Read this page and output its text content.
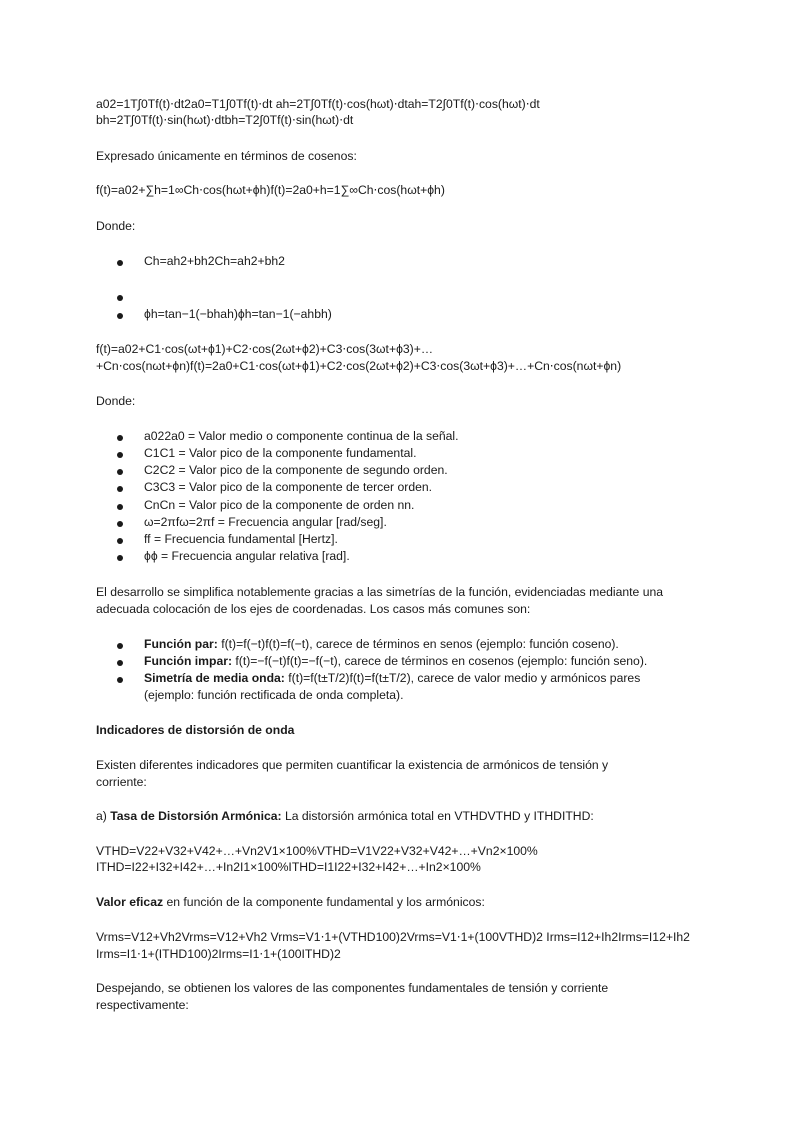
a02=1T∫0Tf(t)⋅dt2a0=T1∫0Tf(t)⋅dt ah=2T∫0Tf(t)⋅cos⁡(hωt)⋅dtah=T2∫0Tf(t)⋅cos(hωt)⋅dt
bh=2T∫0Tf(t)⋅sin⁡(hωt)⋅dtbh=T2∫0Tf(t)⋅sin(hωt)⋅dt
Expresado únicamente en términos de cosenos:
f(t)=a02+∑h=1∞Ch⋅cos⁡(hωt+ϕh)f(t)=2a0+h=1∑∞Ch⋅cos(hωt+ϕh)
Donde:
Ch=ah2+bh2Ch=ah2+bh2
ϕh=tan⁡−1(−bhah)ϕh=tan−1(−ahbh)
f(t)=a02+C1⋅cos⁡(ωt+ϕ1)+C2⋅cos⁡(2ωt+ϕ2)+C3⋅cos⁡(3ωt+ϕ3)+…+Cn⋅cos⁡(nωt+ϕn)f(t)=2a0+C1⋅cos(ωt+ϕ1)+C2⋅cos(2ωt+ϕ2)+C3⋅cos(3ωt+ϕ3)+…+Cn⋅cos(nωt+ϕn)
Donde:
a022a0 = Valor medio o componente continua de la señal.
C1C1 = Valor pico de la componente fundamental.
C2C2 = Valor pico de la componente de segundo orden.
C3C3 = Valor pico de la componente de tercer orden.
CnCn = Valor pico de la componente de orden nn.
ω=2πfω=2πf = Frecuencia angular [rad/seg].
ff = Frecuencia fundamental [Hertz].
ϕϕ = Frecuencia angular relativa [rad].
El desarrollo se simplifica notablemente gracias a las simetrías de la función, evidenciadas mediante una adecuada colocación de los ejes de coordenadas. Los casos más comunes son:
Función par: f(t)=f(−t)f(t)=f(−t), carece de términos en senos (ejemplo: función coseno).
Función impar: f(t)=−f(−t)f(t)=−f(−t), carece de términos en cosenos (ejemplo: función seno).
Simetría de media onda: f(t)=f(t±T/2)f(t)=f(t±T/2), carece de valor medio y armónicos pares (ejemplo: función rectificada de onda completa).
Indicadores de distorsión de onda
Existen diferentes indicadores que permiten cuantificar la existencia de armónicos de tensión y corriente:
a) Tasa de Distorsión Armónica: La distorsión armónica total en VTHDVTHD y ITHDITHD:
VTHD=V22+V32+V42+…+Vn2V1×100%VTHD=V1V22+V32+V42+…+Vn2×100%
ITHD=I22+I32+I42+…+In2I1×100%ITHD=I1I22+I32+I42+…+In2×100%
Valor eficaz en función de la componente fundamental y los armónicos:
Vrms=V12+Vh2Vrms=V12+Vh2 Vrms=V1⋅1+(VTHD100)2Vrms=V1⋅1+(100VTHD)2 Irms=I12+Ih2Irms=I12+Ih2 Irms=I1⋅1+(ITHD100)2Irms=I1⋅1+(100ITHD)2
Despejando, se obtienen los valores de las componentes fundamentales de tensión y corriente respectivamente:
